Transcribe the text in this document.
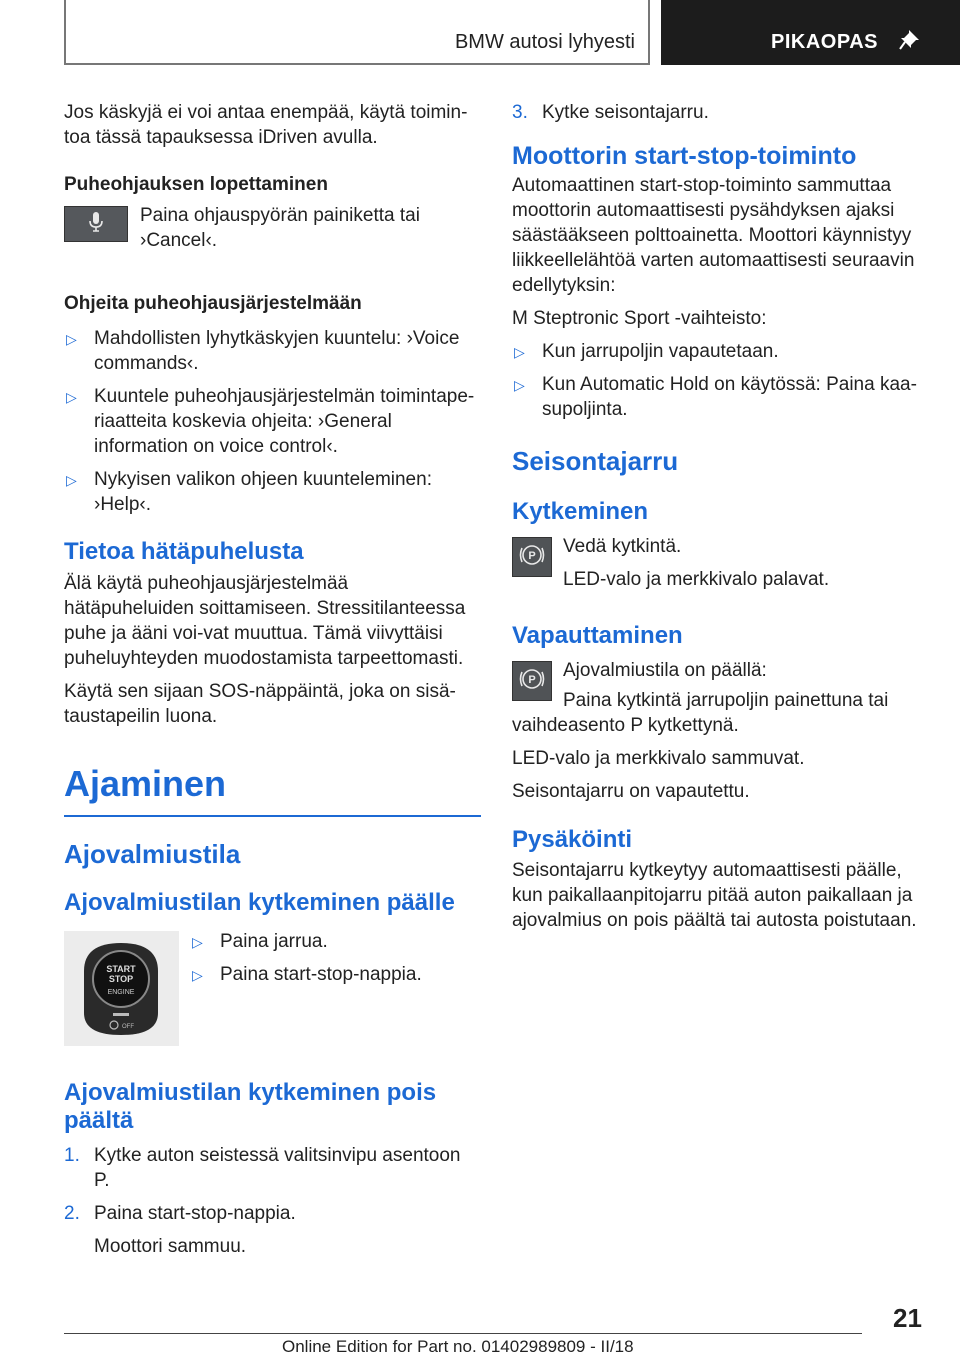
BMW autosi lyhyesti	PIKAOPAS

Jos käskyjä ei voi antaa enempää, käytä toimin-toa tässä tapauksessa iDriven avulla.

Puheohjauksen lopettaminen

Paina ohjauspyörän painiketta tai ›Cancel‹.

Ohjeita puheohjausjärjestelmään

▷ Mahdollisten lyhytkäskyjen kuuntelu: ›Voice commands‹.
▷ Kuuntele puheohjausjärjestelmän toimintape-riaatteita koskevia ohjeita: ›General information on voice control‹.
▷ Nykyisen valikon ohjeen kuunteleminen: ›Help‹.
Tietoa hätäpuhelusta

Älä käytä puheohjausjärjestelmää hätäpuheluiden soittamiseen. Stressitilanteessa puhe ja ääni voi-vat muuttua. Tämä viivyttäisi puheluyhteyden muodostamista tarpeettomasti.

Käytä sen sijaan SOS-näppäintä, joka on sisä-taustapeilin luona.

Ajaminen
Ajovalmiustila
Ajovalmiustilan kytkeminen päälle
START
STOP
ENGINE
OFF
▷ Paina jarrua.
▷ Paina start-stop-nappia.
Ajovalmiustilan kytkeminen pois päältä
1. Kytke auton seistessä valitsinvipu asentoon P.
2. Paina start-stop-nappia.

Moottori sammuu.

3. Kytke seisontajarru.
Moottorin start-stop-toiminto

Automaattinen start-stop-toiminto sammuttaa moottorin automaattisesti pysähdyksen ajaksi säästääkseen polttoainetta. Moottori käynnistyy liikkeellelähtöä varten automaattisesti seuraavin edellytyksin:

M Steptronic Sport -vaihteisto:

▷ Kun jarrupoljin vapautetaan.
▷ Kun Automatic Hold on käytössä: Paina kaa-supoljinta.
Seisontajarru
Kytkeminen
P Vedä kytkintä.

LED-valo ja merkkivalo palavat.

Vapauttaminen
P Ajovalmiustila on päällä:

Paina kytkintä jarrupoljin painettuna tai vaihdeasento P kytkettynä.

LED-valo ja merkkivalo sammuvat.

Seisontajarru on vapautettu.

Pysäköinti

Seisontajarru kytkeytyy automaattisesti päälle, kun paikallaanpitojarru pitää auton paikallaan ja ajovalmius on pois päältä tai autosta poistutaan.

21
Online Edition for Part no. 01402989809 - II/18
